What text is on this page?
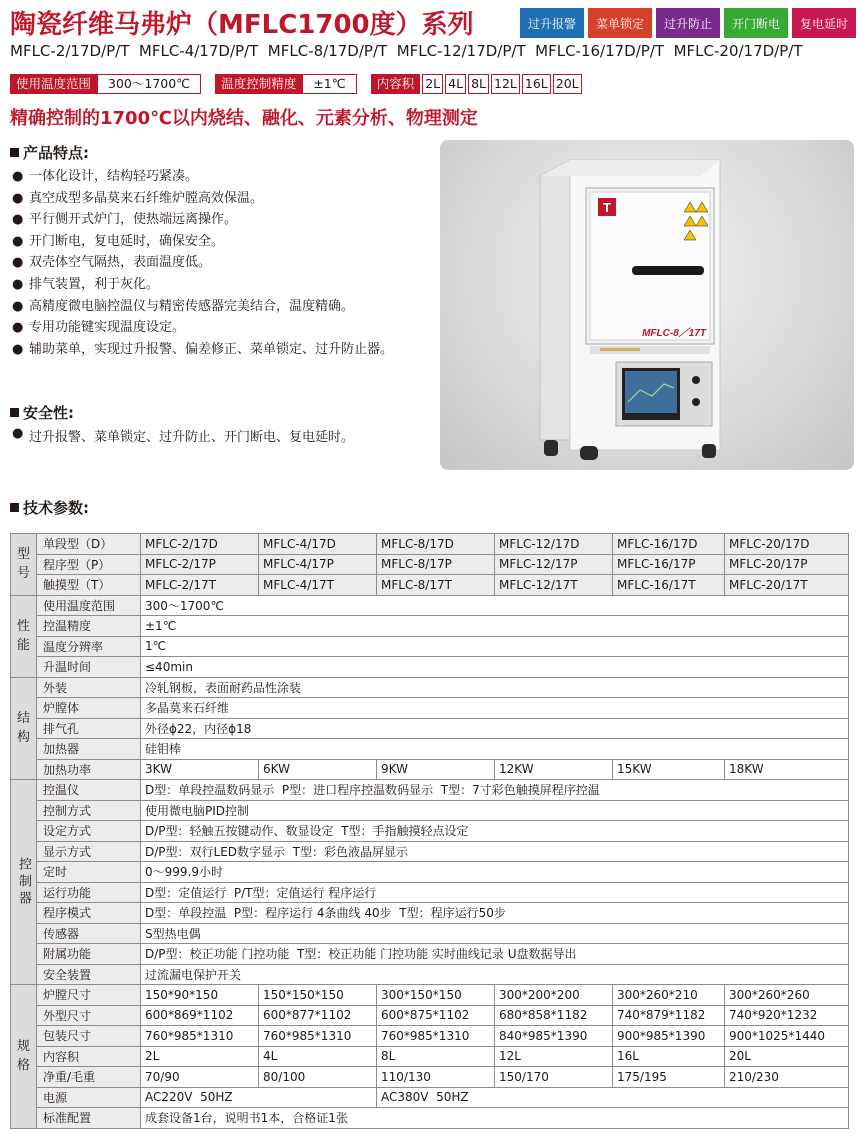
陶瓷纤维马弗炉（MFLC1700度）系列	过升报警	菜单锁定	过升防止	开门断电	复电延时
MFLC-2/17D/P/T  MFLC-4/17D/P/T  MFLC-8/17D/P/T  MFLC-12/17D/P/T  MFLC-16/17D/P/T  MFLC-20/17D/P/T
使用温度范围	300～1700℃	温度控制精度	±1℃	内容积 2L 4L 8L 12L 16L 20L
精确控制的1700℃以内烧结、融化、元素分析、物理测定
产品特点:
● 一体化设计，结构轻巧紧凑。
● 真空成型多晶莫来石纤维炉膛高效保温。
● 平行侧开式炉门，使热端远离操作。
● 开门断电，复电延时，确保安全。
● 双壳体空气隔热，表面温度低。
● 排气装置，利于灰化。
● 高精度微电脑控温仪与精密传感器完美结合，温度精确。
● 专用功能键实现温度设定。
● 辅助菜单，实现过升报警、偏差修正、菜单锁定、过升防止器。
安全性:
● 过升报警、菜单锁定、过升防止、开门断电、复电延时。
T
MFLC-8／17T
技术参数:
型号	单段型（D）	MFLC-2/17D	MFLC-4/17D	MFLC-8/17D	MFLC-12/17D	MFLC-16/17D	MFLC-20/17D
	程序型（P）	MFLC-2/17P	MFLC-4/17P	MFLC-8/17P	MFLC-12/17P	MFLC-16/17P	MFLC-20/17P
	触摸型（T）	MFLC-2/17T	MFLC-4/17T	MFLC-8/17T	MFLC-12/17T	MFLC-16/17T	MFLC-20/17T
性能	使用温度范围	300～1700℃					
	控温精度	±1℃					
	温度分辨率	1℃					
	升温时间	≤40min					
结构	外装	冷轧钢板，表面耐药品性涂装					
	炉膛体	多晶莫来石纤维					
	排气孔	外径ϕ22，内径ϕ18					
	加热器	硅钼棒					
	加热功率	3KW	6KW	9KW	12KW	15KW	18KW
控制器	控温仪	D型：单段控温数码显示  P型：进口程序控温数码显示  T型：7寸彩色触摸屏程序控温					
	控制方式	使用微电脑PID控制					
	设定方式	D/P型：轻触五按键动作、数显设定  T型：手指触摸轻点设定					
	显示方式	D/P型：双行LED数字显示  T型：彩色液晶屏显示					
	定时	0～999.9小时					
	运行功能	D型：定值运行  P/T型：定值运行 程序运行					
	程序模式	D型：单段控温  P型：程序运行 4条曲线 40步  T型：程序运行50步					
	传感器	S型热电偶					
	附属功能	D/P型：校正功能 门控功能  T型：校正功能 门控功能 实时曲线记录 U盘数据导出					
	安全装置	过流漏电保护开关					
规格	炉膛尺寸	150*90*150	150*150*150	300*150*150	300*200*200	300*260*210	300*260*260
	外型尺寸	600*869*1102	600*877*1102	600*875*1102	680*858*1182	740*879*1182	740*920*1232
	包装尺寸	760*985*1310	760*985*1310	760*985*1310	840*985*1390	900*985*1390	900*1025*1440
	内容积	2L	4L	8L	12L	16L	20L
	净重/毛重	70/90	80/100	110/130	150/170	175/195	210/230
	电源	AC220V  50HZ		AC380V  50HZ			
	标准配置	成套设备1台，说明书1本，合格证1张					
